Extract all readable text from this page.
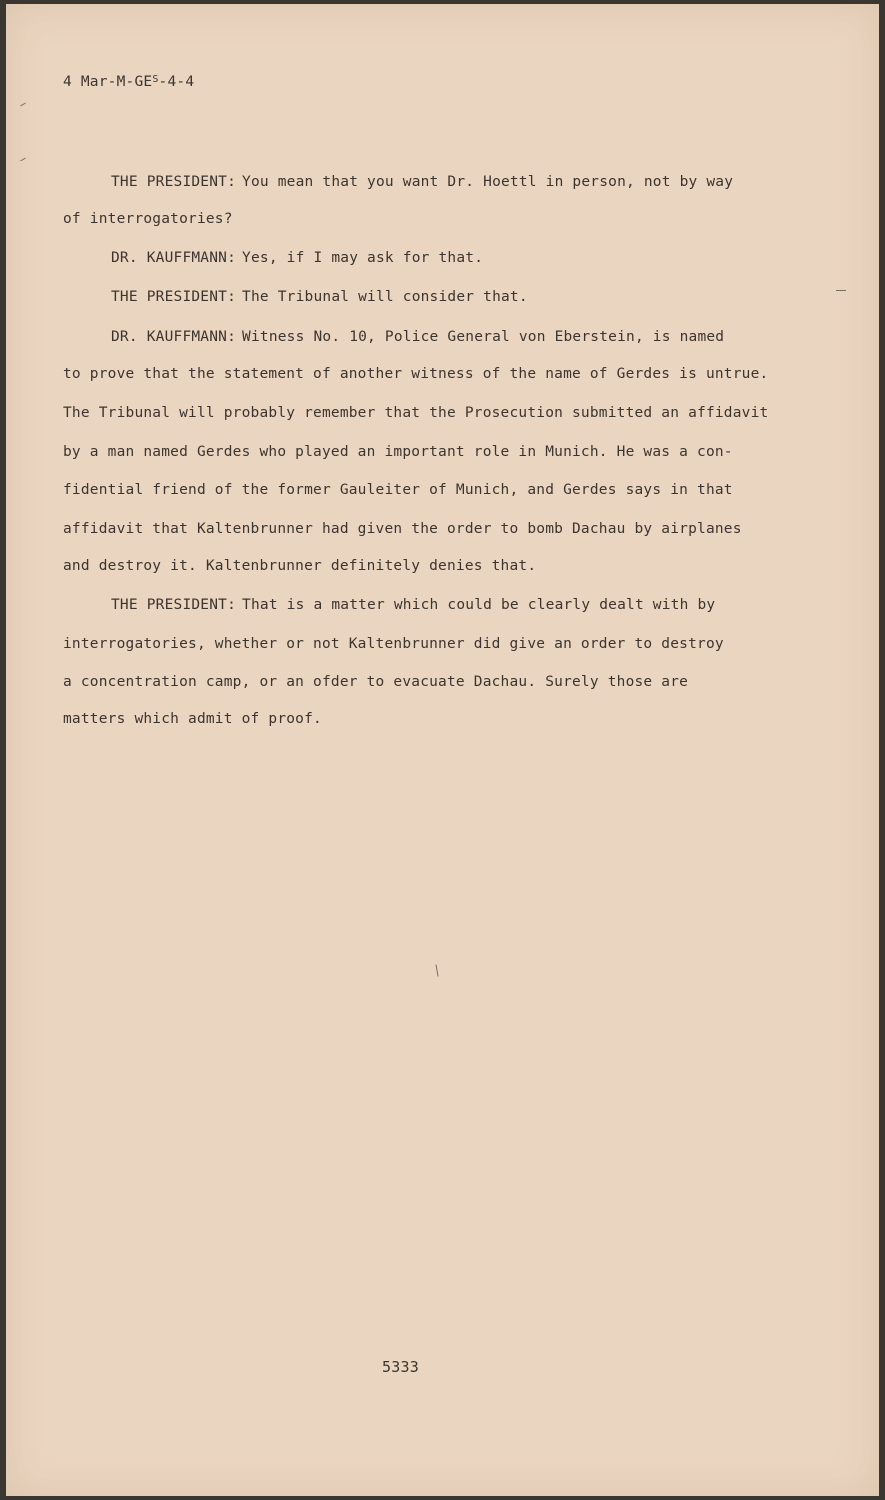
4 Mar-$M-GE^S-4-4$
THE PRESIDENT: You mean that you want Dr. Hoettl in person, not by way
of interrogatories?
DR. KAUFFMANN: Yes, if I may ask for that.
THE PRESIDENT: The Tribunal will consider that.
DR. KAUFFMANN: Witness No. 10, Police General von Eberstein, is named
to prove that the statement of another witness of the name of Gerdes is untrue.
The Tribunal will probably remember that the Prosecution submitted an affidavit
by a man named Gerdes who played an important role in Munich. He was a con-
fidential friend of the former Gauleiter of Munich, and Gerdes says in that
affidavit that Kaltenbrunner had given the order to bomb Dachau by airplanes
and destroy it. Kaltenbrunner definitely denies that.
THE PRESIDENT: That is a matter which could be clearly dealt with by
interrogatories, whether or not Kaltenbrunner did give an order to destroy
a concentration camp, or an ofder to evacuate Dachau. Surely those are
matters which admit of proof.
5333
